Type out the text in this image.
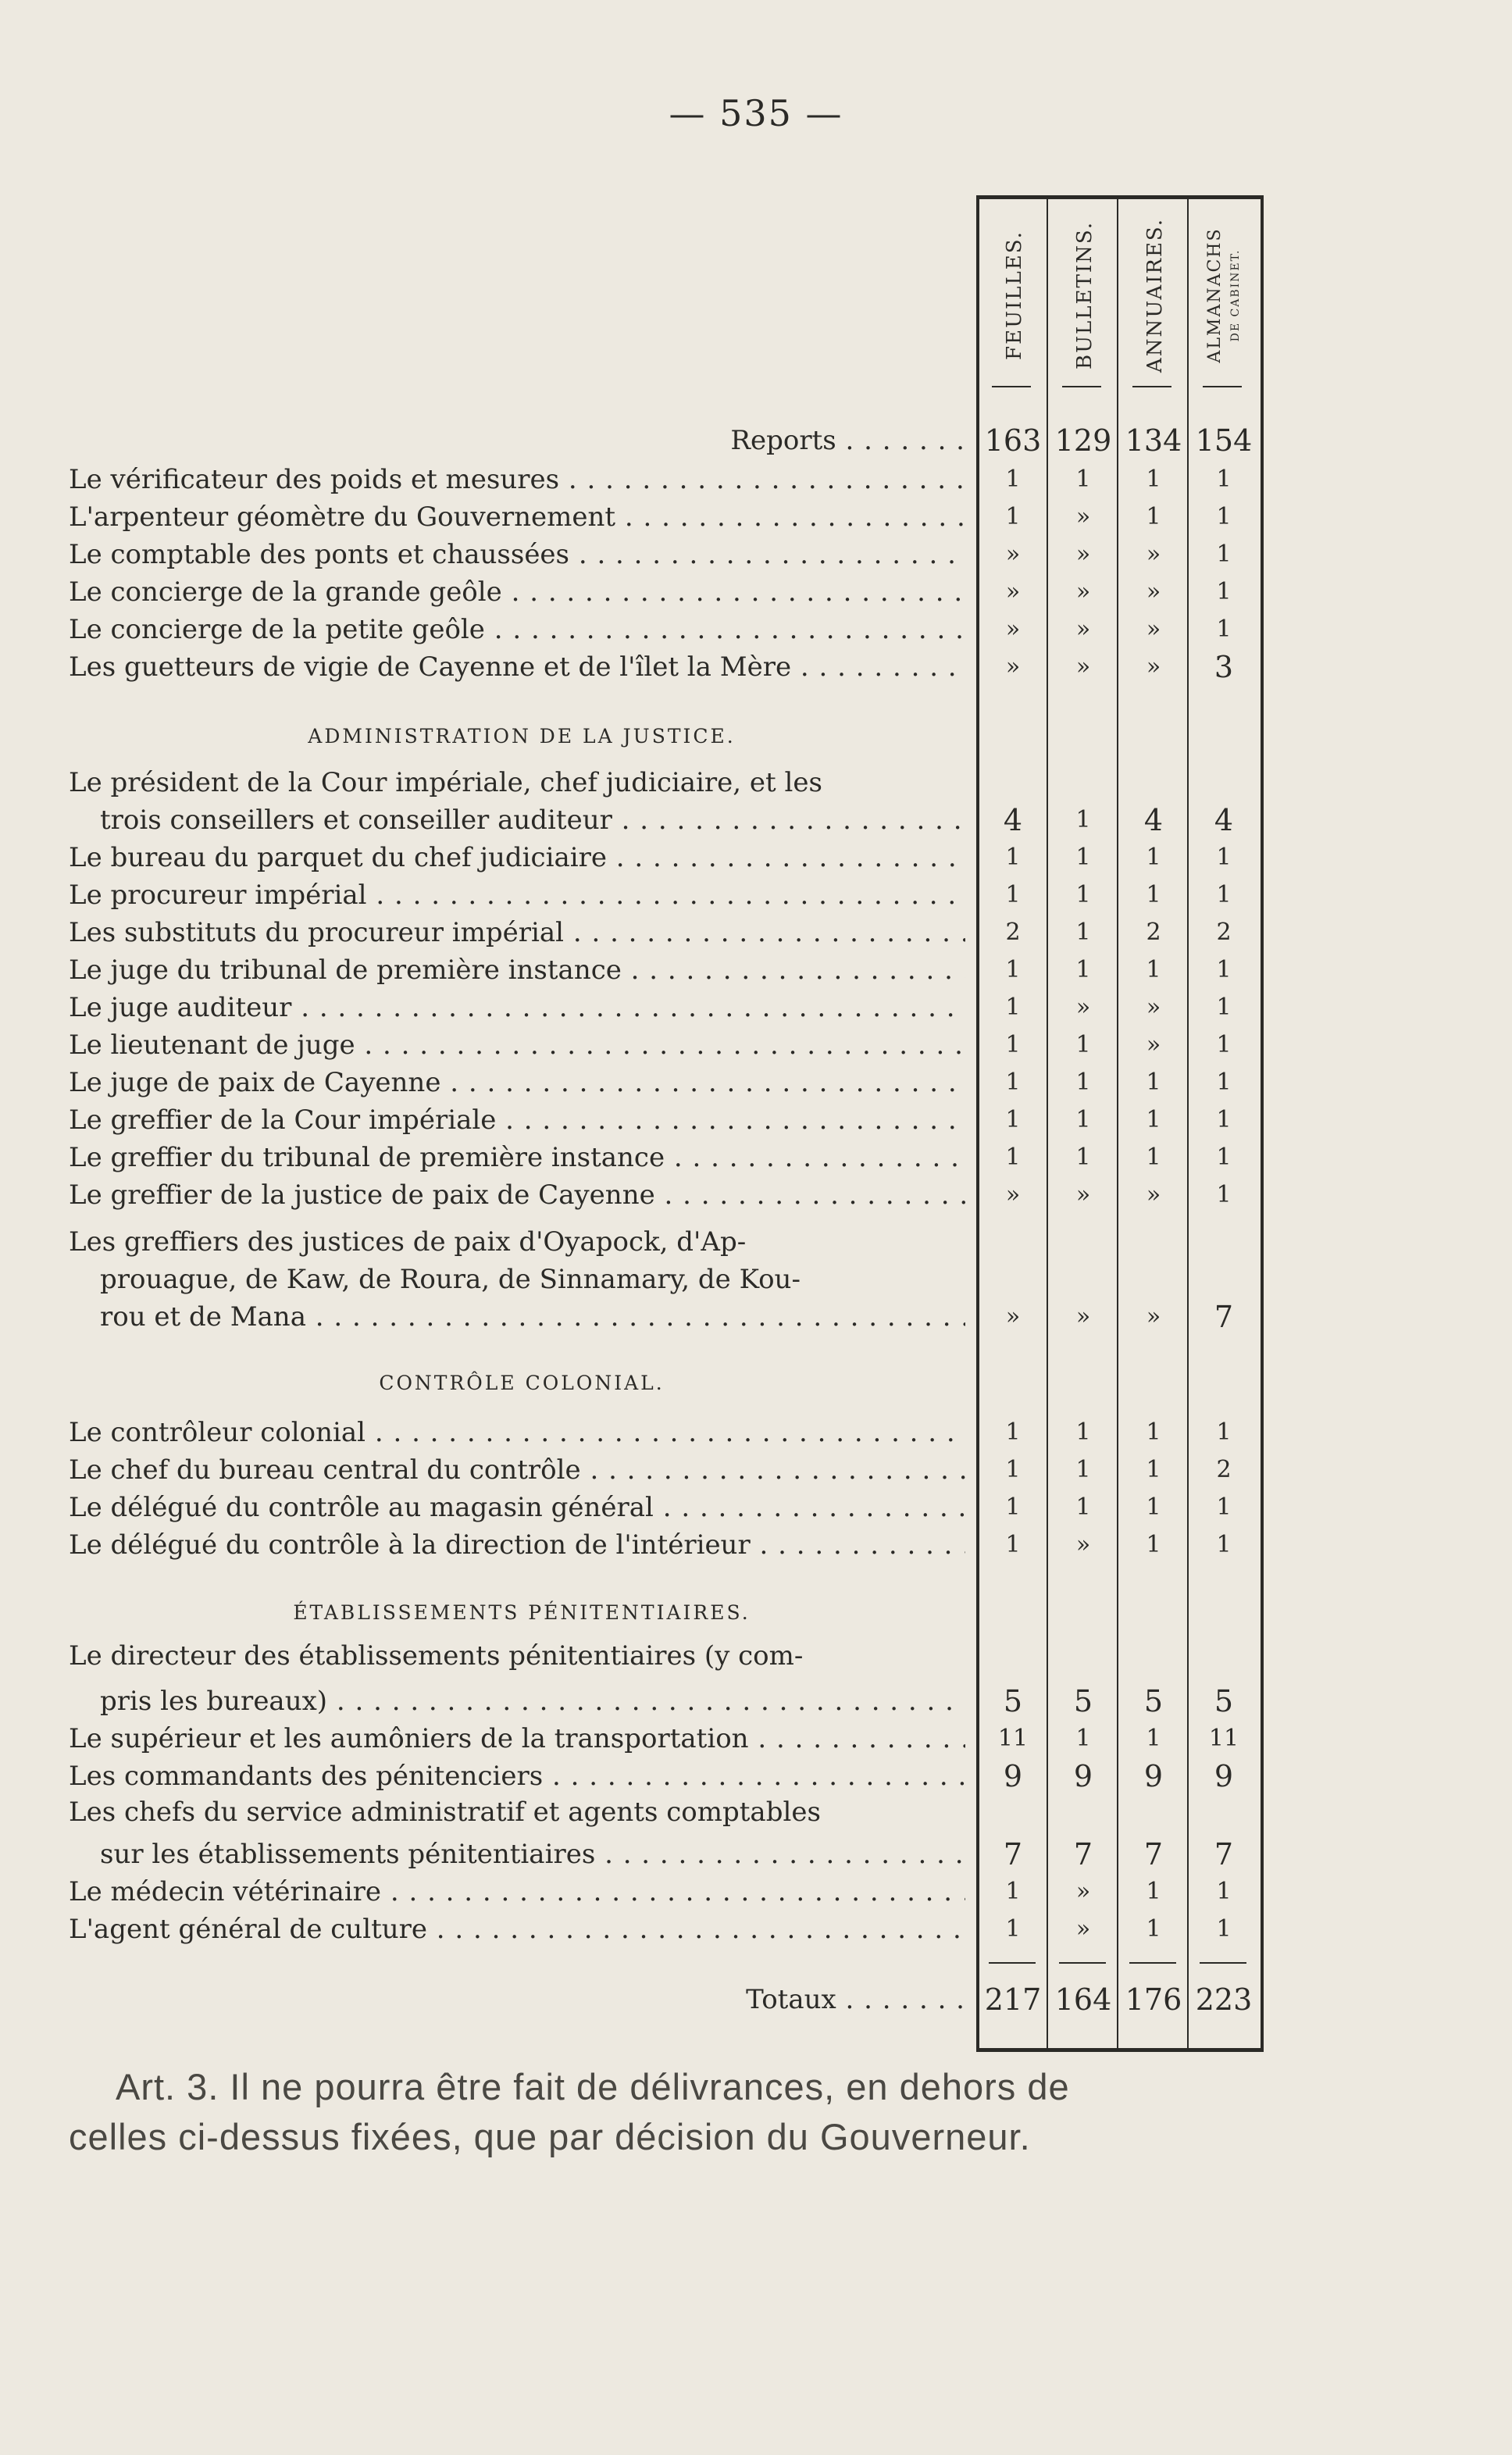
— 535 —
FEUILLES. BULLETINS. ANNUAIRES. ALMANACHS DE CABINET.
Reports . . .	163 129 134 154
Le vérificateur des poids et mesures . . .	1	1	1	1
L'arpenteur géomètre du Gouvernement . . .	1	»	1	1
Le comptable des ponts et chaussées . . .	»	»	»	1
Le concierge de la grande geôle . . .	»	»	»	1
Le concierge de la petite geôle . . .	»	»	»	1
Les guetteurs de vigie de Cayenne et de l'îlet la Mère . . .	»	»	»	3
ADMINISTRATION DE LA JUSTICE.
Le président de la Cour impériale, chef judiciaire, et les
trois conseillers et conseiller auditeur . . .	4	1	4	4
Le bureau du parquet du chef judiciaire . . .	1	1	1	1
Le procureur impérial . . .	1	1	1	1
Les substituts du procureur impérial . . .	2	1	2	2
Le juge du tribunal de première instance . . .	1	1	1	1
Le juge auditeur . . .	1	»	»	1
Le lieutenant de juge . . .	1	1	»	1
Le juge de paix de Cayenne . . .	1	1	1	1
Le greffier de la Cour impériale . . .	1	1	1	1
Le greffier du tribunal de première instance . . .	1	1	1	1
Le greffier de la justice de paix de Cayenne . . .	»	»	»	1
Les greffiers des justices de paix d'Oyapock, d'Ap-
prouague, de Kaw, de Roura, de Sinnamary, de Kou-
rou et de Mana . . .	»	»	»	7
CONTRÔLE COLONIAL.
Le contrôleur colonial . . .	1	1	1	1
Le chef du bureau central du contrôle . . .	1	1	1	2
Le délégué du contrôle au magasin général . . .	1	1	1	1
Le délégué du contrôle à la direction de l'intérieur . . .	1	»	1	1
ÉTABLISSEMENTS PÉNITENTIAIRES.
Le directeur des établissements pénitentiaires (y com-
pris les bureaux) . . .	5	5	5	5
Le supérieur et les aumôniers de la transportation . . .	11	1	1	11
Les commandants des pénitenciers . . .	9	9	9	9
Les chefs du service administratif et agents comptables
sur les établissements pénitentiaires . . .	7	7	7	7
Le médecin vétérinaire . . .	1	»	1	1
L'agent général de culture . . .	1	»	1	1
Totaux . . .	217 164 176 223
Art. 3. Il ne pourra être fait de délivrances, en dehors de
celles ci-dessus fixées, que par décision du Gouverneur.
